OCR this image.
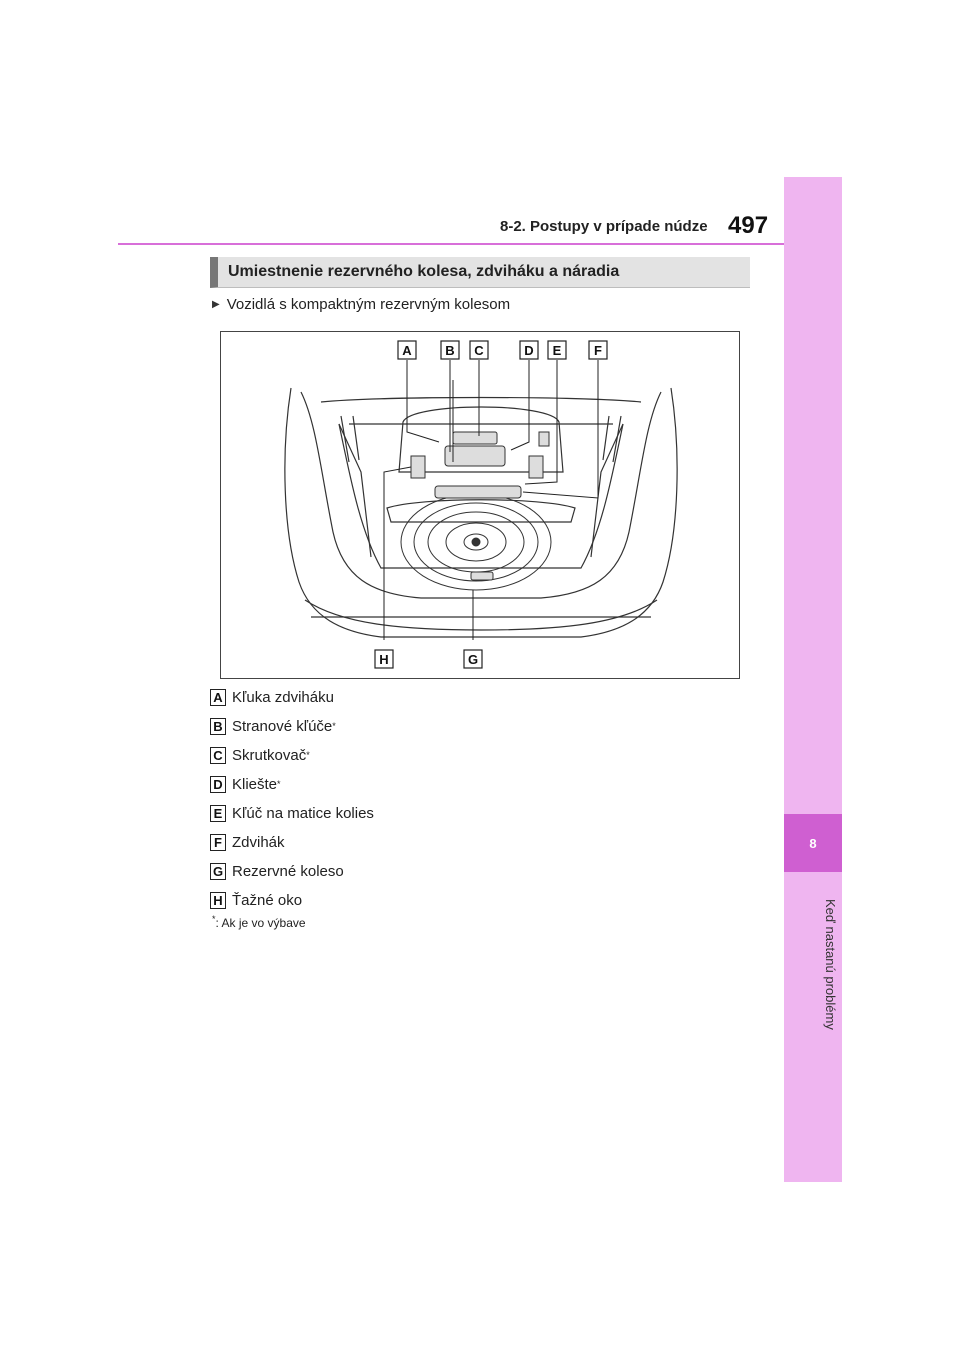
8
Keď nastanú problémy
8-2. Postupy v prípade núdze 497
Umiestnenie rezervného kolesa, zdviháku a náradia
▶ Vozidlá s kompaktným rezervným kolesom
A	B C	D E	F
H	G
A Kľuka zdviháku
B Stranové kľúče *
C Skrutkovač *
D Kliešte *
E Kľúč na matice kolies
F Zdvihák
G Rezervné koleso
H Ťažné oko
*: Ak je vo výbave
